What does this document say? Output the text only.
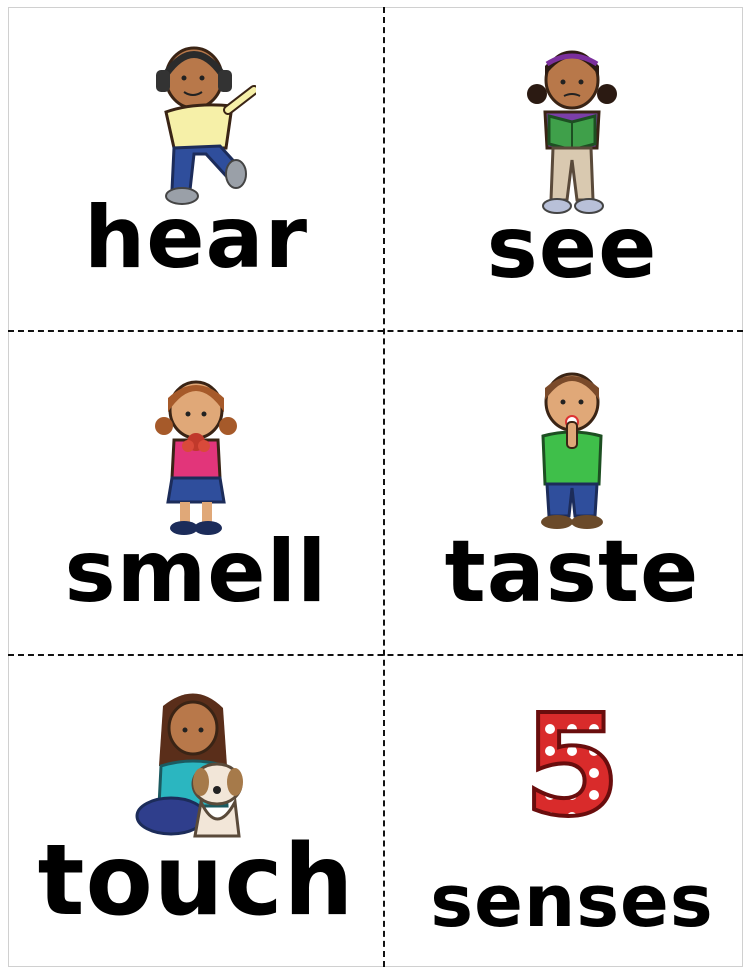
hear	see
smell	taste
touch
5
senses
